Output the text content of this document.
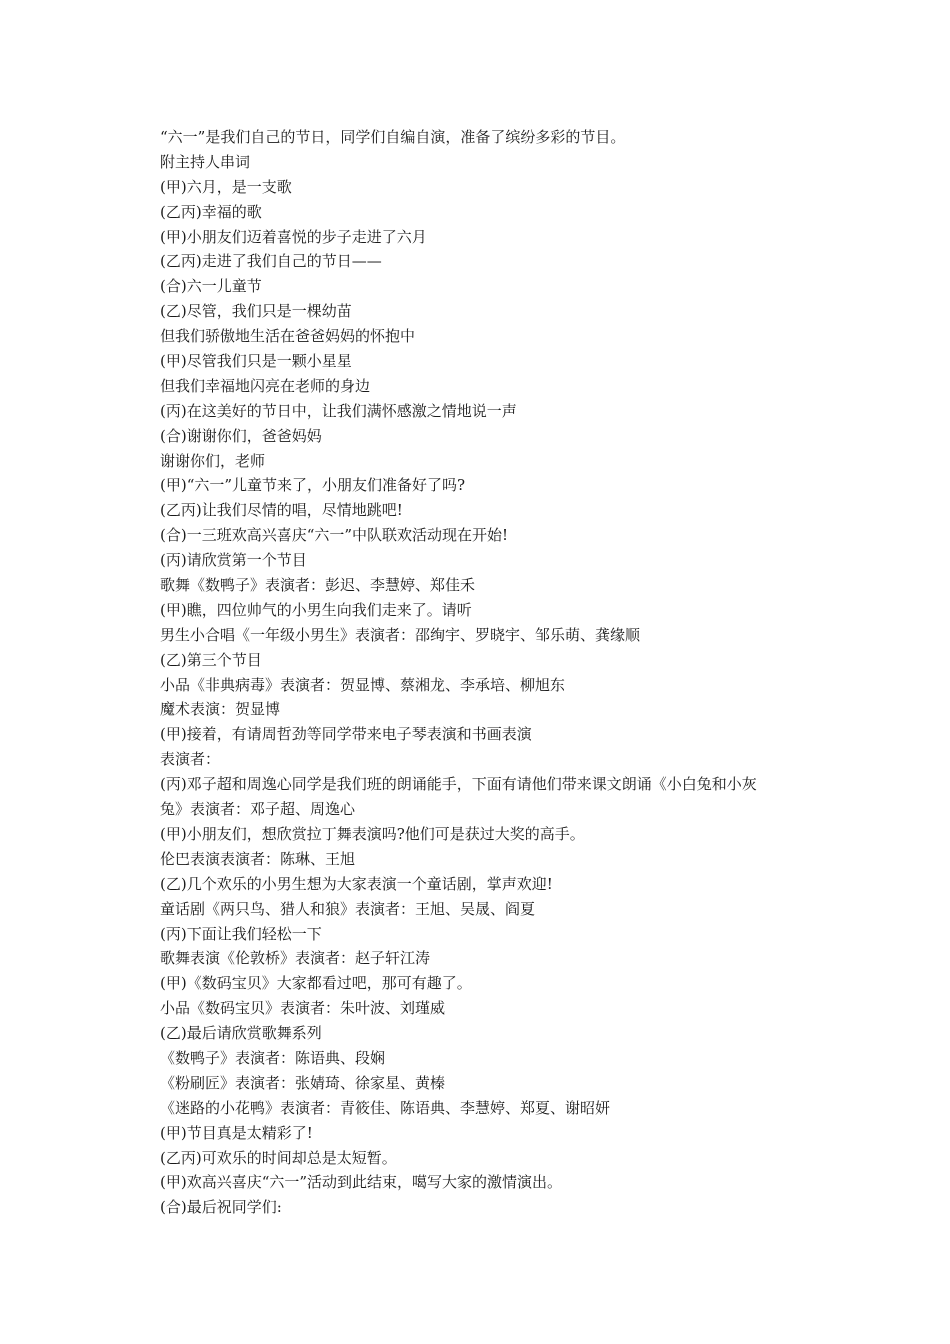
“六一”是我们自己的节日，同学们自编自演，准备了缤纷多彩的节目。
附主持人串词
(甲)六月，是一支歌
(乙丙)幸福的歌
(甲)小朋友们迈着喜悦的步子走进了六月
(乙丙)走进了我们自己的节日——
(合)六一儿童节
(乙)尽管，我们只是一棵幼苗
但我们骄傲地生活在爸爸妈妈的怀抱中
(甲)尽管我们只是一颗小星星
但我们幸福地闪亮在老师的身边
(丙)在这美好的节日中，让我们满怀感激之情地说一声
(合)谢谢你们，爸爸妈妈
谢谢你们，老师
(甲)“六一”儿童节来了，小朋友们准备好了吗?
(乙丙)让我们尽情的唱，尽情地跳吧!
(合)一三班欢高兴喜庆“六一”中队联欢活动现在开始!
(丙)请欣赏第一个节目
歌舞《数鸭子》表演者：彭迟、李慧婷、郑佳禾
(甲)瞧，四位帅气的小男生向我们走来了。请听
男生小合唱《一年级小男生》表演者：邵绚宇、罗晓宇、邹乐萌、龚缘顺
(乙)第三个节目
小品《非典病毒》表演者：贺显博、蔡湘龙、李承培、柳旭东
魔术表演：贺显博
(甲)接着，有请周哲劲等同学带来电子琴表演和书画表演
表演者：
(丙)邓子超和周逸心同学是我们班的朗诵能手，下面有请他们带来课文朗诵《小白兔和小灰
兔》表演者：邓子超、周逸心
(甲)小朋友们，想欣赏拉丁舞表演吗?他们可是获过大奖的高手。
伦巴表演表演者：陈琳、王旭
(乙)几个欢乐的小男生想为大家表演一个童话剧，掌声欢迎!
童话剧《两只鸟、猎人和狼》表演者：王旭、吴晟、阎夏
(丙)下面让我们轻松一下
歌舞表演《伦敦桥》表演者：赵子轩江涛
(甲)《数码宝贝》大家都看过吧，那可有趣了。
小品《数码宝贝》表演者：朱叶波、刘瑾威
(乙)最后请欣赏歌舞系列
《数鸭子》表演者：陈语典、段娴
《粉刷匠》表演者：张婧琦、徐家星、黄榛
《迷路的小花鸭》表演者：青筱佳、陈语典、李慧婷、郑夏、谢昭妍
(甲)节目真是太精彩了!
(乙丙)可欢乐的时间却总是太短暂。
(甲)欢高兴喜庆“六一”活动到此结束，噶写大家的激情演出。
(合)最后祝同学们:
